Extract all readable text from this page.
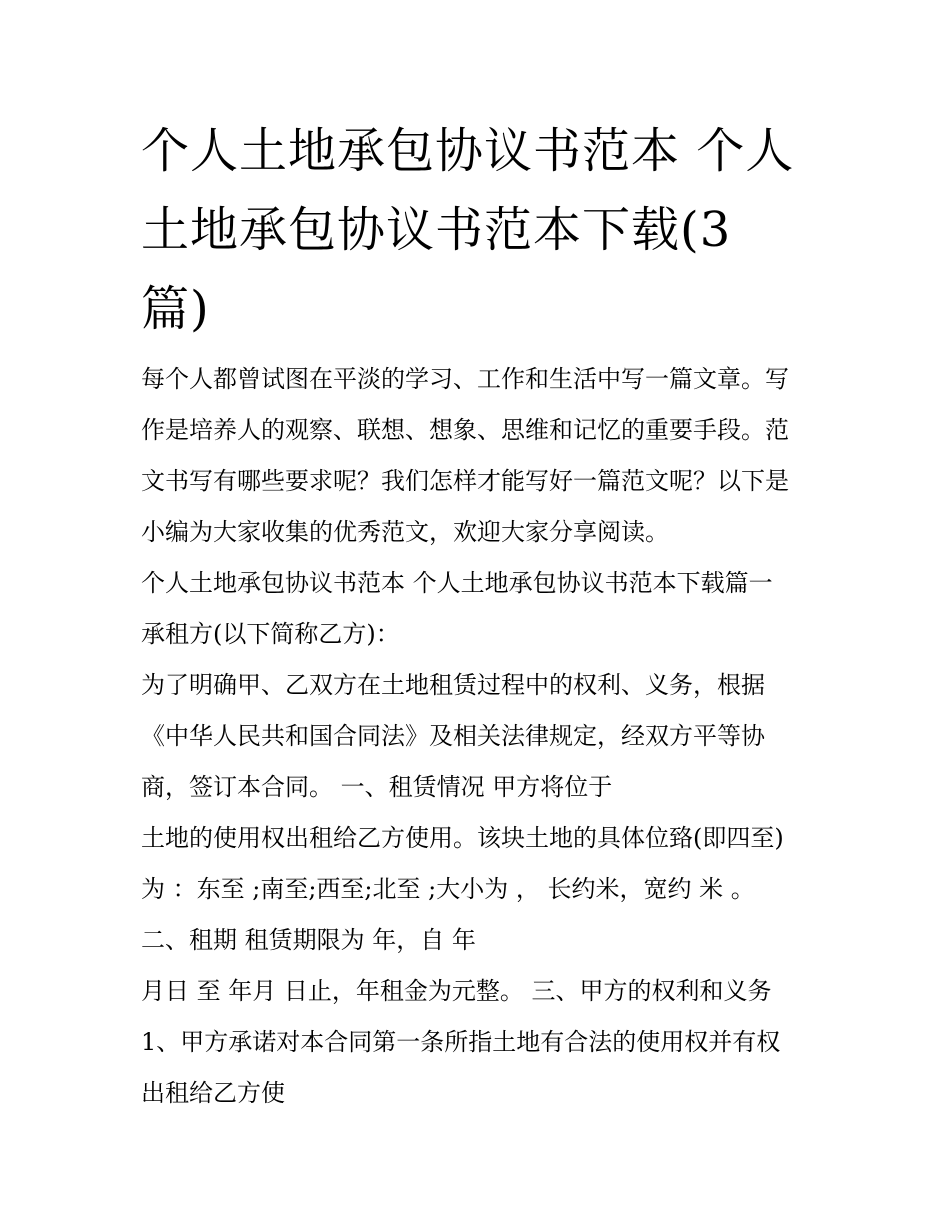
个人土地承包协议书范本 个人
土地承包协议书范本下载(3
篇)
每个人都曾试图在平淡的学习、工作和生活中写一篇文章。写
作是培养人的观察、联想、想象、思维和记忆的重要手段。范
文书写有哪些要求呢？我们怎样才能写好一篇范文呢？以下是
小编为大家收集的优秀范文，欢迎大家分享阅读。
个人土地承包协议书范本 个人土地承包协议书范本下载篇一
承租方(以下简称乙方)：
为了明确甲、乙双方在土地租赁过程中的权利、义务，根据
《中华人民共和国合同法》及相关法律规定，经双方平等协
商，签订本合同。 一、租赁情况 甲方将位于
土地的使用权出租给乙方使用。该块土地的具体位臵(即四至)
为 ：东至 ;南至;西至;北至 ;大小为 ， 长约米，宽约 米 。
二、租期 租赁期限为 年，自 年
月日 至 年月 日止，年租金为元整。 三、甲方的权利和义务
1、甲方承诺对本合同第一条所指土地有合法的使用权并有权
出租给乙方使
